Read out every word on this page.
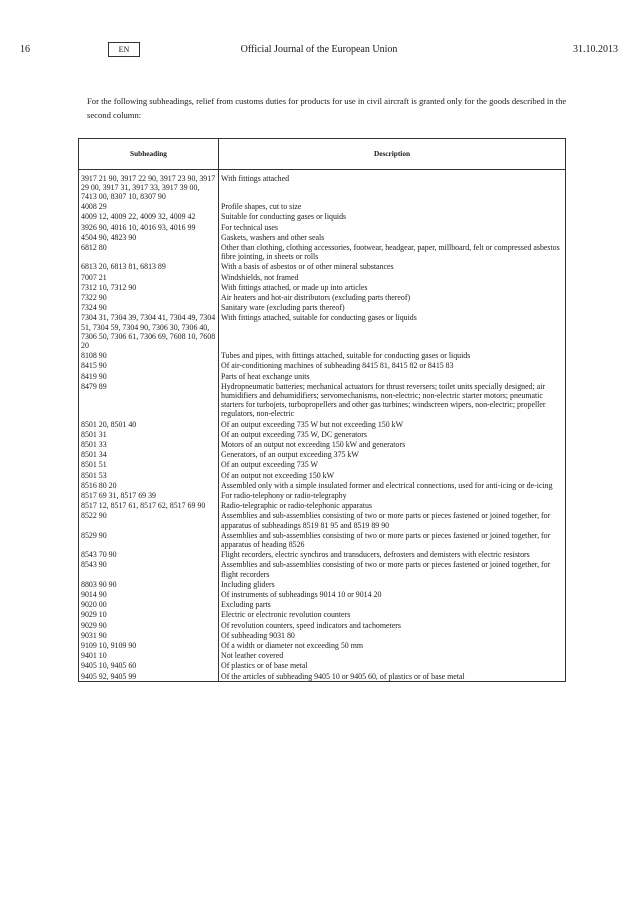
16	EN	Official Journal of the European Union	31.10.2013
For the following subheadings, relief from customs duties for products for use in civil aircraft is granted only for the goods described in the second column:
Subheading	Description

3917 21 90, 3917 22 90, 3917 23 90, 3917 29 00, 3917 31, 3917 33, 3917 39 00, 7413 00, 8307 10, 8307 90	With fittings attached
4008 29	Profile shapes, cut to size
4009 12, 4009 22, 4009 32, 4009 42	Suitable for conducting gases or liquids
3926 90, 4016 10, 4016 93, 4016 99	For technical uses
4504 90, 4823 90	Gaskets, washers and other seals
6812 80	Other than clothing, clothing accessories, footwear, headgear, paper, millboard, felt or compressed asbestos fibre jointing, in sheets or rolls
6813 20, 6813 81, 6813 89	With a basis of asbestos or of other mineral substances
7007 21	Windshields, not framed
7312 10, 7312 90	With fittings attached, or made up into articles
7322 90	Air heaters and hot-air distributors (excluding parts thereof)
7324 90	Sanitary ware (excluding parts thereof)
7304 31, 7304 39, 7304 41, 7304 49, 7304 51, 7304 59, 7304 90, 7306 30, 7306 40, 7306 50, 7306 61, 7306 69, 7608 10, 7608 20	With fittings attached, suitable for conducting gases or liquids
8108 90	Tubes and pipes, with fittings attached, suitable for conducting gases or liquids
8415 90	Of air-conditioning machines of subheading 8415 81, 8415 82 or 8415 83
8419 90	Parts of heat exchange units
8479 89	Hydropneumatic batteries; mechanical actuators for thrust reversers; toilet units specially designed; air humidifiers and dehumidifiers; servomechanisms, non-electric; non-electric starter motors; pneumatic starters for turbojets, turbopropellers and other gas turbines; windscreen wipers, non-electric; propeller regulators, non-electric
8501 20, 8501 40	Of an output exceeding 735 W but not exceeding 150 kW
8501 31	Of an output exceeding 735 W, DC generators
8501 33	Motors of an output not exceeding 150 kW and generators
8501 34	Generators, of an output exceeding 375 kW
8501 51	Of an output exceeding 735 W
8501 53	Of an output not exceeding 150 kW
8516 80 20	Assembled only with a simple insulated former and electrical connections, used for anti-icing or de-icing
8517 69 31, 8517 69 39	For radio-telephony or radio-telegraphy
8517 12, 8517 61, 8517 62, 8517 69 90	Radio-telegraphic or radio-telephonic apparatus
8522 90	Assemblies and sub-assemblies consisting of two or more parts or pieces fastened or joined together, for apparatus of subheadings 8519 81 95 and 8519 89 90
8529 90	Assemblies and sub-assemblies consisting of two or more parts or pieces fastened or joined together, for apparatus of heading 8526
8543 70 90	Flight recorders, electric synchros and transducers, defrosters and demisters with electric resistors
8543 90	Assemblies and sub-assemblies consisting of two or more parts or pieces fastened or joined together, for flight recorders
8803 90 90	Including gliders
9014 90	Of instruments of subheadings 9014 10 or 9014 20
9020 00	Excluding parts
9029 10	Electric or electronic revolution counters
9029 90	Of revolution counters, speed indicators and tachometers
9031 90	Of subheading 9031 80
9109 10, 9109 90	Of a width or diameter not exceeding 50 mm
9401 10	Not leather covered
9405 10, 9405 60	Of plastics or of base metal
9405 92, 9405 99	Of the articles of subheading 9405 10 or 9405 60, of plastics or of base metal
